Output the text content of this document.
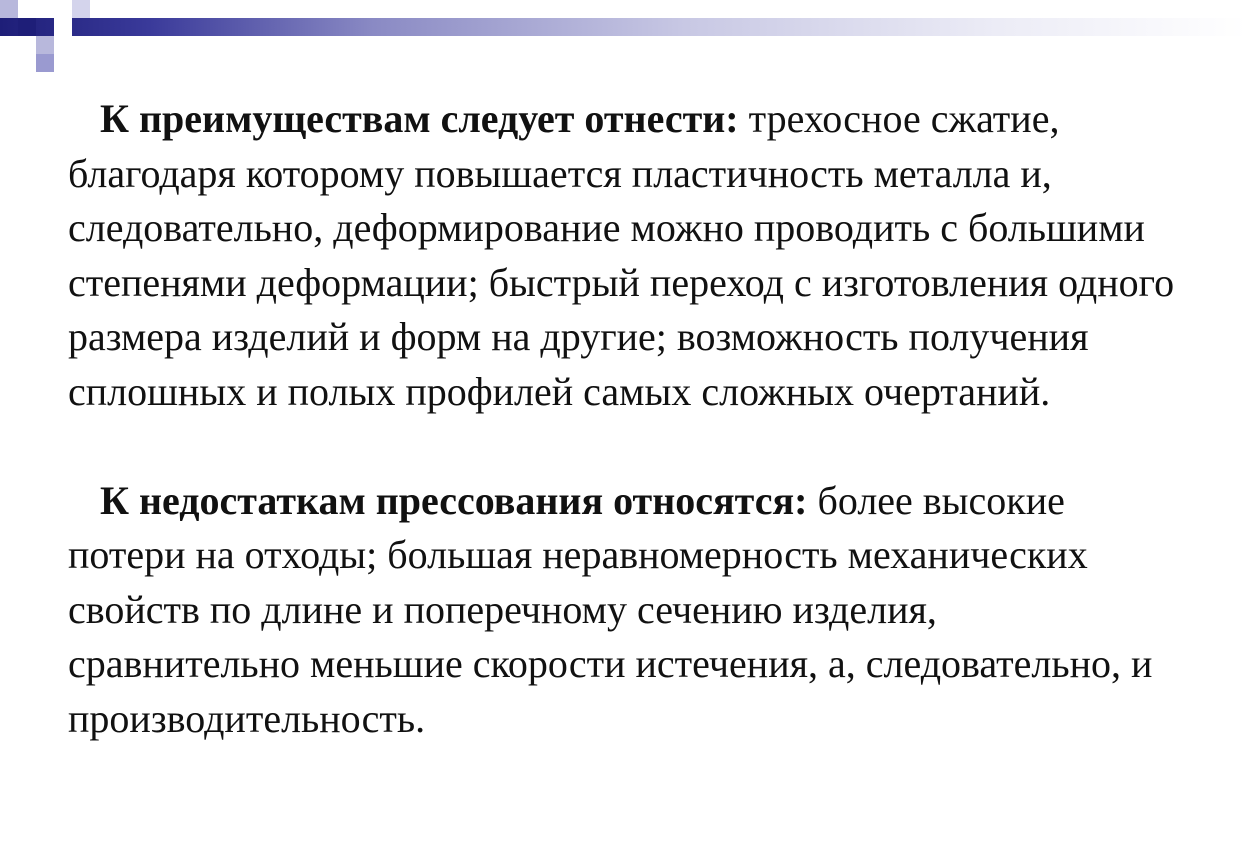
К преимуществам следует отнести: трехосное сжатие, благодаря которому повышается пластичность металла и, следовательно, деформирование можно проводить с большими степенями деформации; быстрый переход с изготовления одного размера изделий и форм на другие; возможность получения сплошных и полых профилей самых сложных очертаний.

К недостаткам прессования относятся: более высокие потери на отходы; большая неравномерность механических свойств по длине и поперечному сечению изделия, сравнительно меньшие скорости истечения, а, следовательно, и производительность.
